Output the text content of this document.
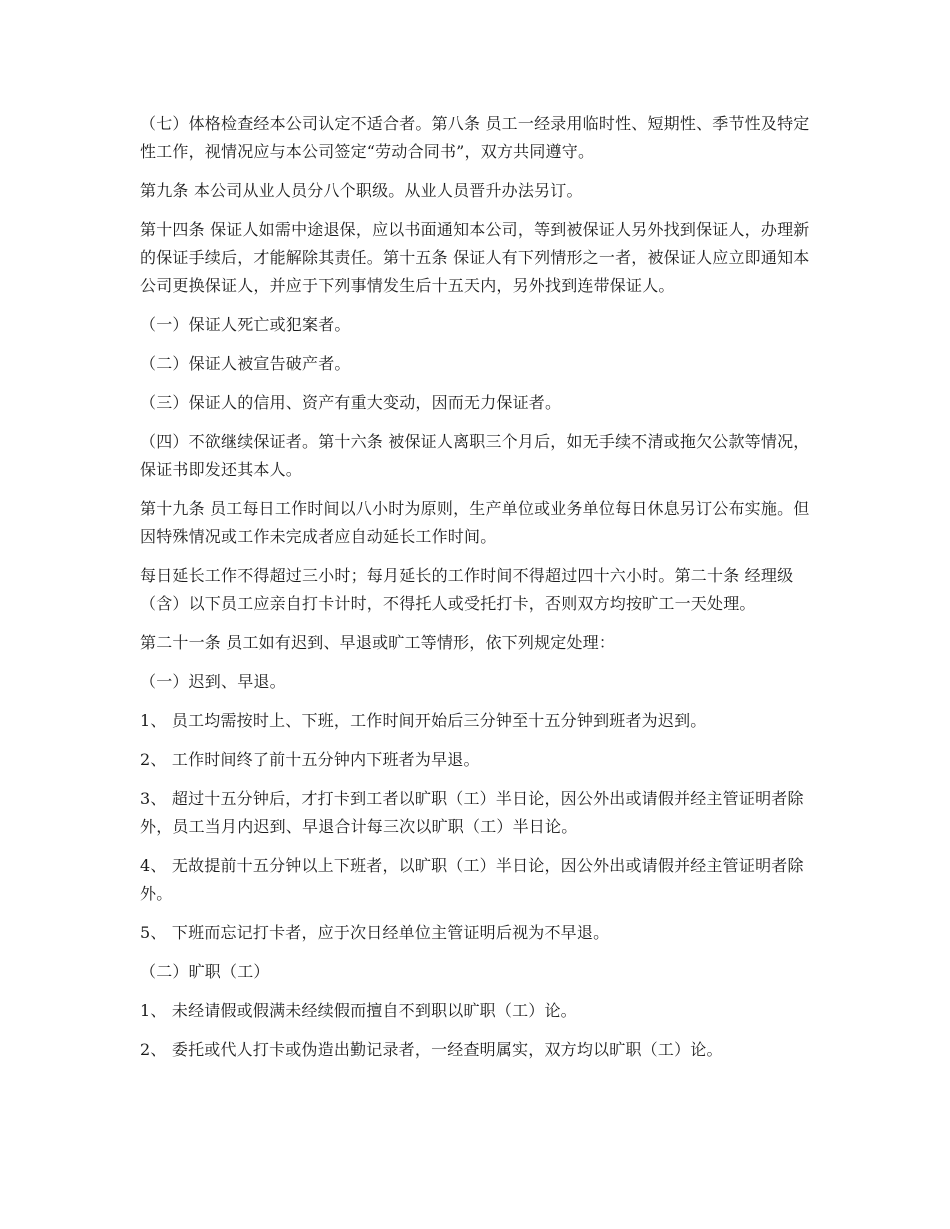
（七）体格检查经本公司认定不适合者。第八条 员工一经录用临时性、短期性、季节性及特定性工作，视情况应与本公司签定“劳动合同书”，双方共同遵守。

第九条 本公司从业人员分八个职级。从业人员晋升办法另订。

第十四条 保证人如需中途退保，应以书面通知本公司，等到被保证人另外找到保证人，办理新的保证手续后，才能解除其责任。第十五条 保证人有下列情形之一者，被保证人应立即通知本公司更换保证人，并应于下列事情发生后十五天内，另外找到连带保证人。

（一）保证人死亡或犯案者。

（二）保证人被宣告破产者。

（三）保证人的信用、资产有重大变动，因而无力保证者。

（四）不欲继续保证者。第十六条 被保证人离职三个月后，如无手续不清或拖欠公款等情况，保证书即发还其本人。

第十九条 员工每日工作时间以八小时为原则，生产单位或业务单位每日休息另订公布实施。但因特殊情况或工作未完成者应自动延长工作时间。

每日延长工作不得超过三小时；每月延长的工作时间不得超过四十六小时。第二十条 经理级（含）以下员工应亲自打卡计时，不得托人或受托打卡，否则双方均按旷工一天处理。

第二十一条 员工如有迟到、早退或旷工等情形，依下列规定处理：

（一）迟到、早退。

1、 员工均需按时上、下班，工作时间开始后三分钟至十五分钟到班者为迟到。

2、 工作时间终了前十五分钟内下班者为早退。

3、 超过十五分钟后，才打卡到工者以旷职（工）半日论，因公外出或请假并经主管证明者除外，员工当月内迟到、早退合计每三次以旷职（工）半日论。

4、 无故提前十五分钟以上下班者，以旷职（工）半日论，因公外出或请假并经主管证明者除外。

5、 下班而忘记打卡者，应于次日经单位主管证明后视为不早退。

（二）旷职（工）

1、 未经请假或假满未经续假而擅自不到职以旷职（工）论。

2、 委托或代人打卡或伪造出勤记录者，一经查明属实，双方均以旷职（工）论。
